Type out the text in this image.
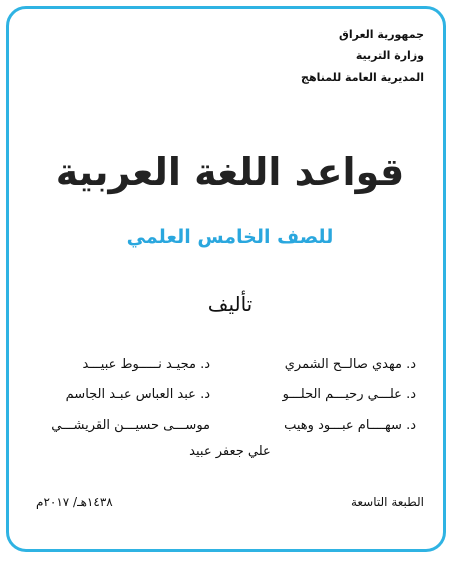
جمهورية العراق
وزارة التربية
المديرية العامة للمناهج
قواعد اللغة العربية
للصف الخامس العلمي
تأليف
د. مهدي صالــح الشمري
د. مجيـد نـــــوط عبيـــد
د. علـــي رحيـــم الحلـــو
د. عبد العباس عبـد الجاسم
د. سهــــام عبـــود وهيب
موســـى حسيـــن القريشـــي
علي جعفر عبيد
الطبعة التاسعة
١٤٣٨هـ/ ٢٠١٧م
